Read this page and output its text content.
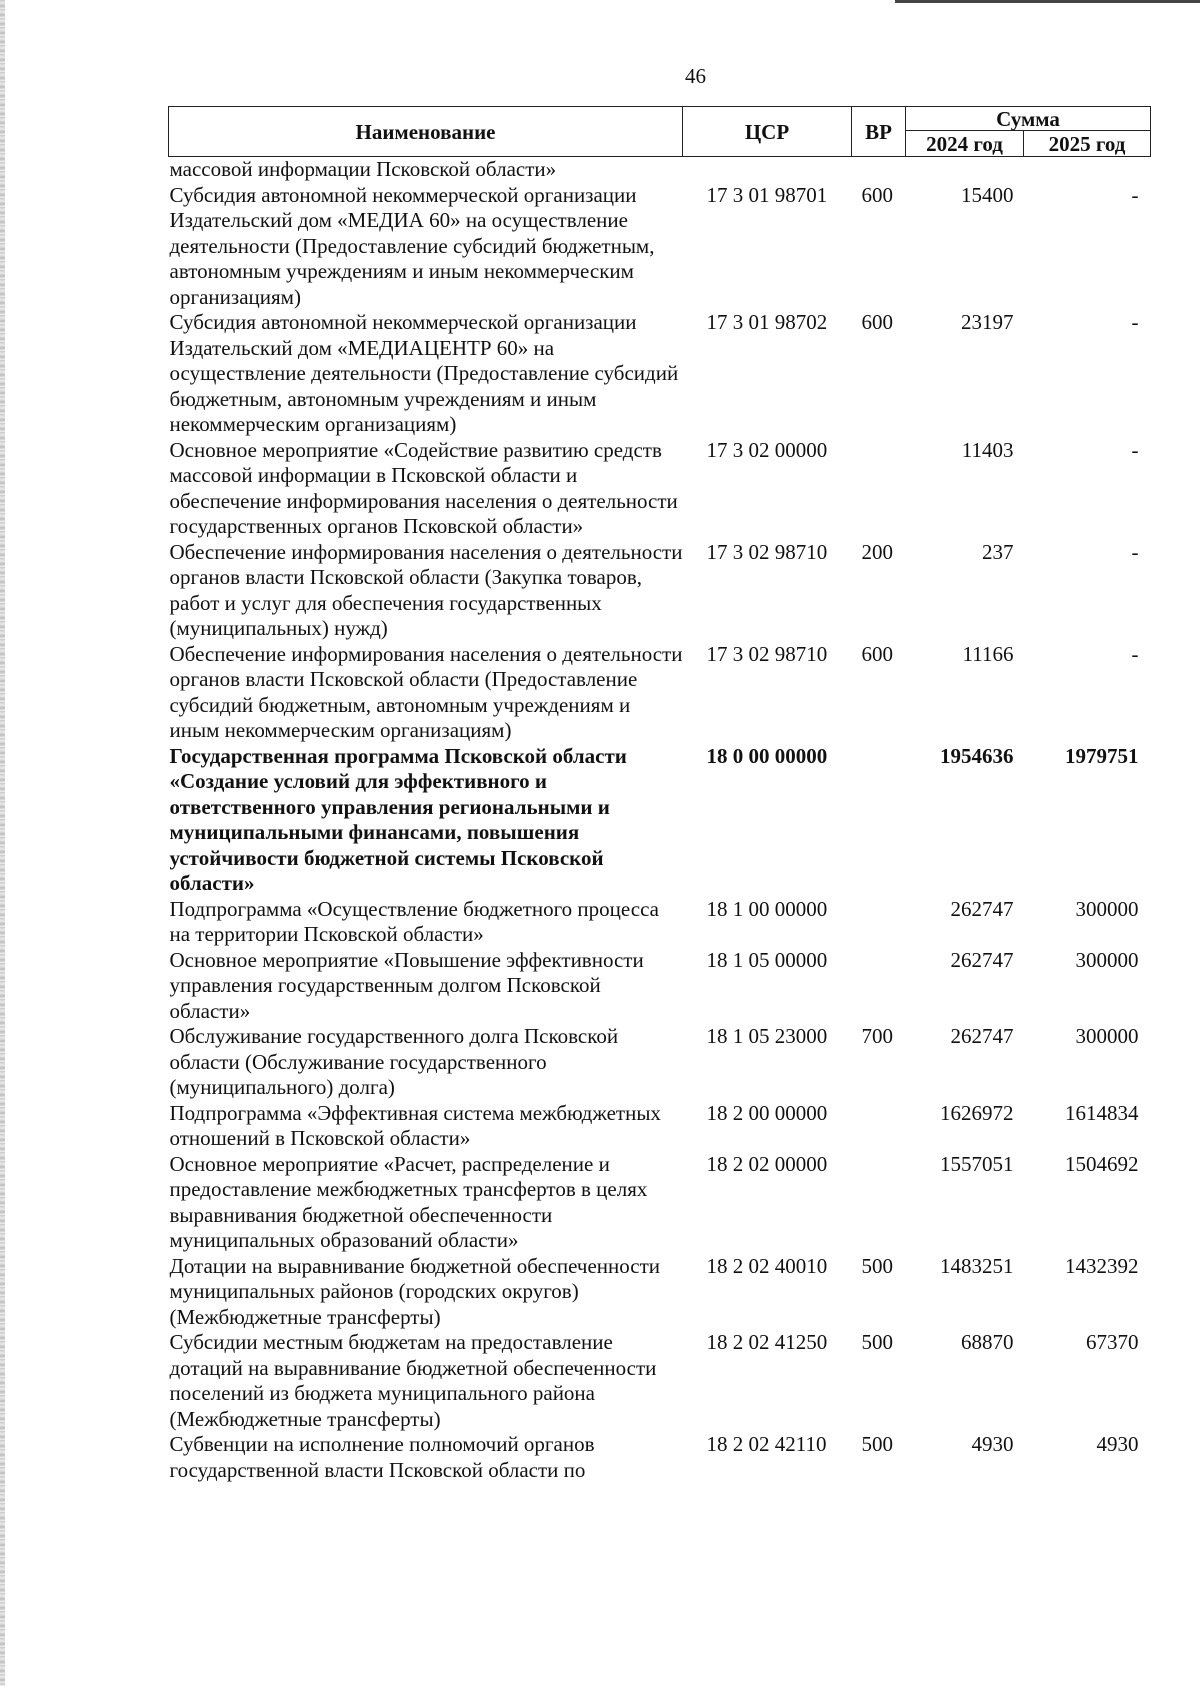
46
Наименование	ЦСР	ВР	Сумма	
			2024 год	2025 год
массовой информации Псковской области»				
Субсидия автономной некоммерческой организации Издательский дом «МЕДИА 60» на осуществление деятельности (Предоставление субсидий бюджетным, автономным учреждениям и иным некоммерческим организациям)	17 3 01 98701	600	15400	-
Субсидия автономной некоммерческой организации Издательский дом «МЕДИАЦЕНТР 60» на осуществление деятельности (Предоставление субсидий бюджетным, автономным учреждениям и иным некоммерческим организациям)	17 3 01 98702	600	23197	-
Основное мероприятие «Содействие развитию средств массовой информации в Псковской области и обеспечение информирования населения о деятельности государственных органов Псковской области»	17 3 02 00000		11403	-
Обеспечение информирования населения о деятельности органов власти Псковской области (Закупка товаров, работ и услуг для обеспечения государственных (муниципальных) нужд)	17 3 02 98710	200	237	-
Обеспечение информирования населения о деятельности органов власти Псковской области (Предоставление субсидий бюджетным, автономным учреждениям и иным некоммерческим организациям)	17 3 02 98710	600	11166	-
Государственная программа Псковской области «Создание условий для эффективного и ответственного управления региональными и муниципальными финансами, повышения устойчивости бюджетной системы Псковской области»	18 0 00 00000		1954636	1979751
Подпрограмма «Осуществление бюджетного процесса на территории Псковской области»	18 1 00 00000		262747	300000
Основное мероприятие «Повышение эффективности управления государственным долгом Псковской области»	18 1 05 00000		262747	300000
Обслуживание государственного долга Псковской области (Обслуживание государственного (муниципального) долга)	18 1 05 23000	700	262747	300000
Подпрограмма «Эффективная система межбюджетных отношений в Псковской области»	18 2 00 00000		1626972	1614834
Основное мероприятие «Расчет, распределение и предоставление межбюджетных трансфертов в целях выравнивания бюджетной обеспеченности муниципальных образований области»	18 2 02 00000		1557051	1504692
Дотации на выравнивание бюджетной обеспеченности муниципальных районов (городских округов) (Межбюджетные трансферты)	18 2 02 40010	500	1483251	1432392
Субсидии местным бюджетам на предоставление дотаций на выравнивание бюджетной обеспеченности поселений из бюджета муниципального района (Межбюджетные трансферты)	18 2 02 41250	500	68870	67370
Субвенции на исполнение полномочий органов государственной власти Псковской области по	18 2 02 42110	500	4930	4930
